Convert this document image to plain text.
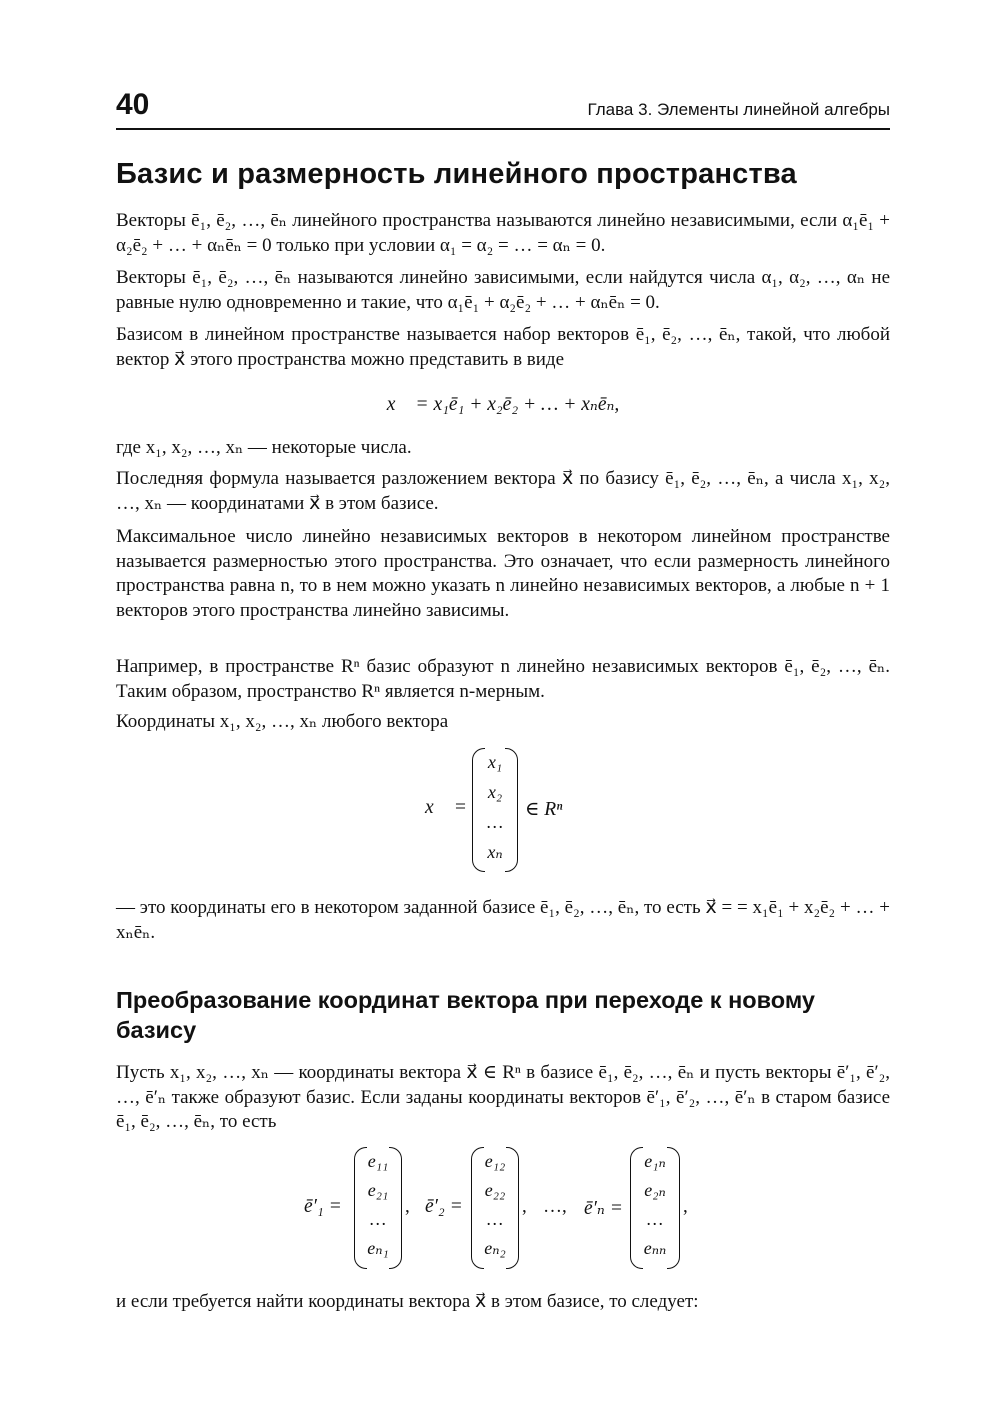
40	Глава 3. Элементы линейной алгебры
Базис и размерность линейного пространства
Векторы ē₁, ē₂, …, ēₙ линейного пространства называются линейно независимыми, если α₁ē₁ + α₂ē₂ + … + αₙēₙ = 0 только при условии α₁ = α₂ = … = αₙ = 0.
Векторы ē₁, ē₂, …, ēₙ называются линейно зависимыми, если найдутся числа α₁, α₂, …, αₙ не равные нулю одновременно и такие, что α₁ē₁ + α₂ē₂ + … + αₙēₙ = 0.
Базисом в линейном пространстве называется набор векторов ē₁, ē₂, …, ēₙ, такой, что любой вектор x⃗ этого пространства можно представить в виде
x⃗ = x₁ē₁ + x₂ē₂ + … + xₙēₙ,
где x₁, x₂, …, xₙ — некоторые числа.
Последняя формула называется разложением вектора x⃗ по базису ē₁, ē₂, …, ēₙ, а числа x₁, x₂, …, xₙ — координатами x⃗ в этом базисе.
Максимальное число линейно независимых векторов в некотором линейном пространстве называется размерностью этого пространства. Это означает, что если размерность линейного пространства равна n, то в нем можно указать n линейно независимых векторов, а любые n + 1 векторов этого пространства линейно зависимы.
Например, в пространстве Rⁿ базис образуют n линейно независимых векторов ē₁, ē₂, …, ēₙ. Таким образом, пространство Rⁿ является n-мерным.
Координаты x₁, x₂, …, xₙ любого вектора
x⃗ =
x₁
x₂
…
xₙ
∈ Rⁿ
— это координаты его в некотором заданной базисе ē₁, ē₂, …, ēₙ, то есть x⃗ = = x₁ē₁ + x₂ē₂ + … + xₙēₙ.
Преобразование координат вектора при переходе к новому базису
Пусть x₁, x₂, …, xₙ — координаты вектора x⃗ ∈ Rⁿ в базисе ē₁, ē₂, …, ēₙ и пусть векторы ē′₁, ē′₂, …, ē′ₙ также образуют базис. Если заданы координаты векторов ē′₁, ē′₂, …, ē′ₙ в старом базисе ē₁, ē₂, …, ēₙ, то есть
ē′₁ =
e₁₁
e₂₁
…
eₙ₁
, ē′₂ =
e₁₂
e₂₂
…
eₙ₂
, …, ē′ₙ =
e₁ₙ
e₂ₙ
…
eₙₙ
,
и если требуется найти координаты вектора x⃗ в этом базисе, то следует:
